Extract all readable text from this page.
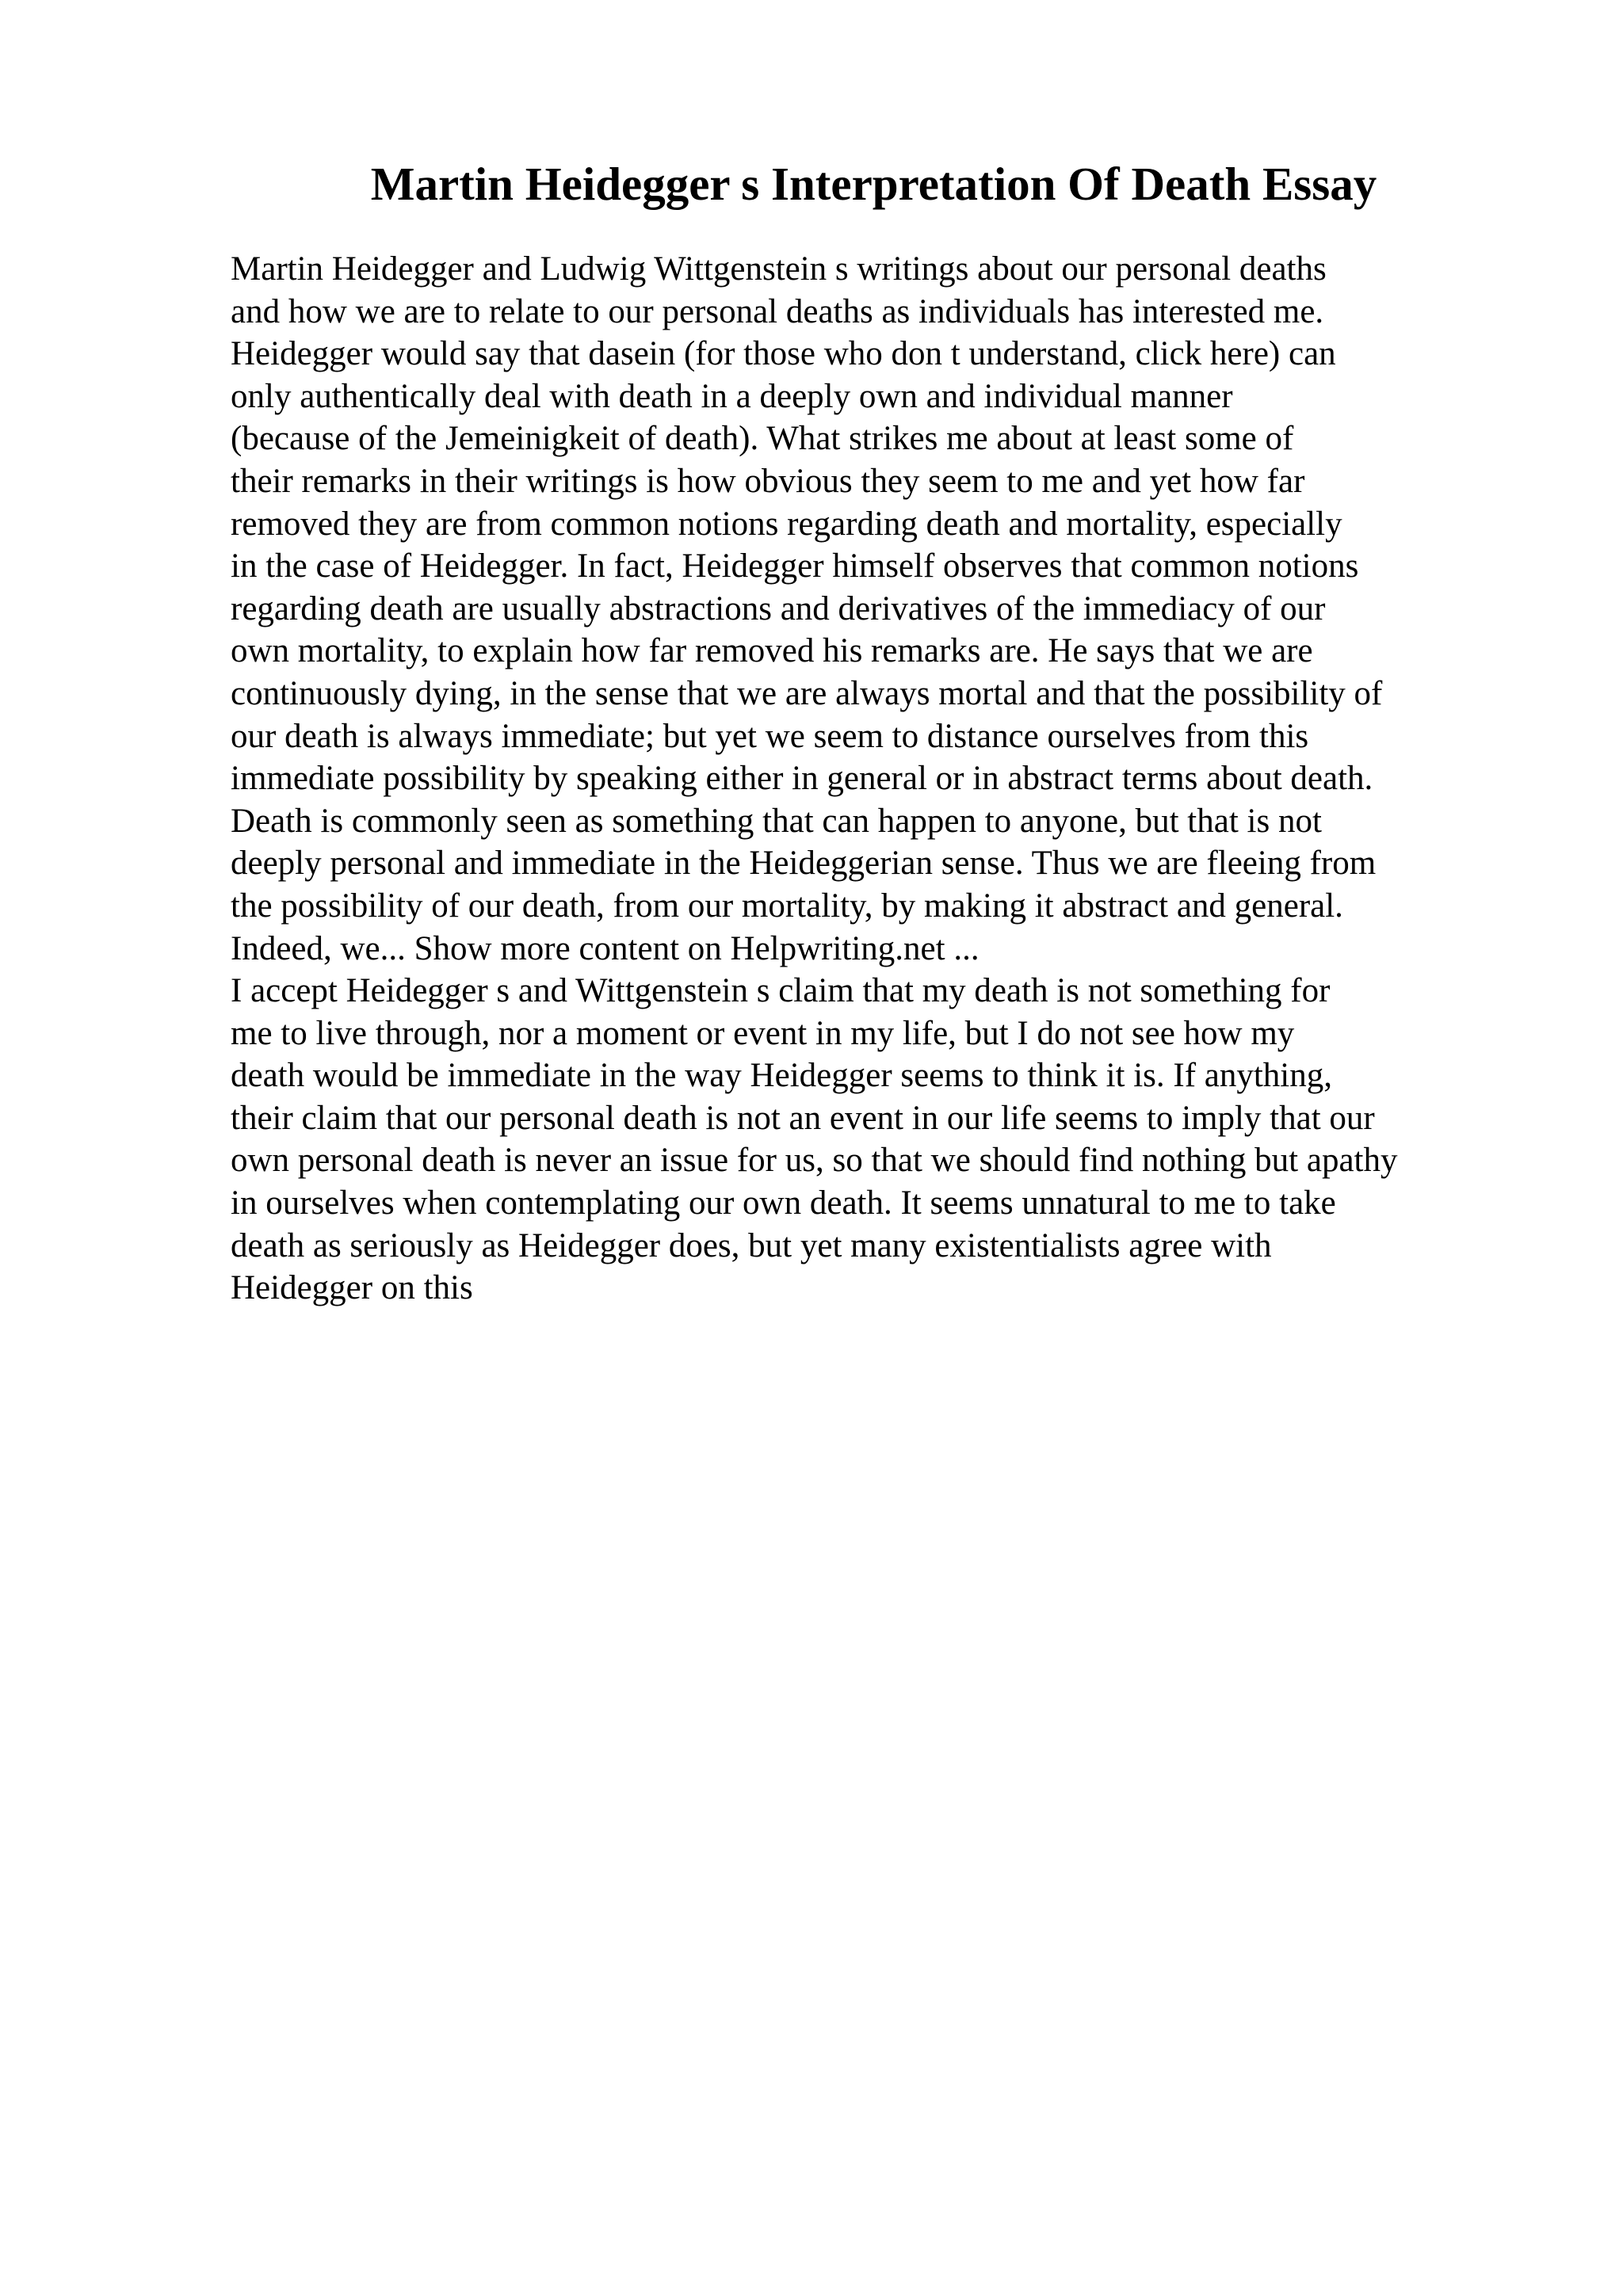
Martin Heidegger s Interpretation Of Death Essay
Martin Heidegger and Ludwig Wittgenstein s writings about our personal deaths
and how we are to relate to our personal deaths as individuals has interested me.
Heidegger would say that dasein (for those who don t understand, click here) can
only authentically deal with death in a deeply own and individual manner
(because of the Jemeinigkeit of death). What strikes me about at least some of
their remarks in their writings is how obvious they seem to me and yet how far
removed they are from common notions regarding death and mortality, especially
in the case of Heidegger. In fact, Heidegger himself observes that common notions
regarding death are usually abstractions and derivatives of the immediacy of our
own mortality, to explain how far removed his remarks are. He says that we are
continuously dying, in the sense that we are always mortal and that the possibility of
our death is always immediate; but yet we seem to distance ourselves from this
immediate possibility by speaking either in general or in abstract terms about death.
Death is commonly seen as something that can happen to anyone, but that is not
deeply personal and immediate in the Heideggerian sense. Thus we are fleeing from
the possibility of our death, from our mortality, by making it abstract and general.
Indeed, we... Show more content on Helpwriting.net ...
I accept Heidegger s and Wittgenstein s claim that my death is not something for
me to live through, nor a moment or event in my life, but I do not see how my
death would be immediate in the way Heidegger seems to think it is. If anything,
their claim that our personal death is not an event in our life seems to imply that our
own personal death is never an issue for us, so that we should find nothing but apathy
in ourselves when contemplating our own death. It seems unnatural to me to take
death as seriously as Heidegger does, but yet many existentialists agree with
Heidegger on this
